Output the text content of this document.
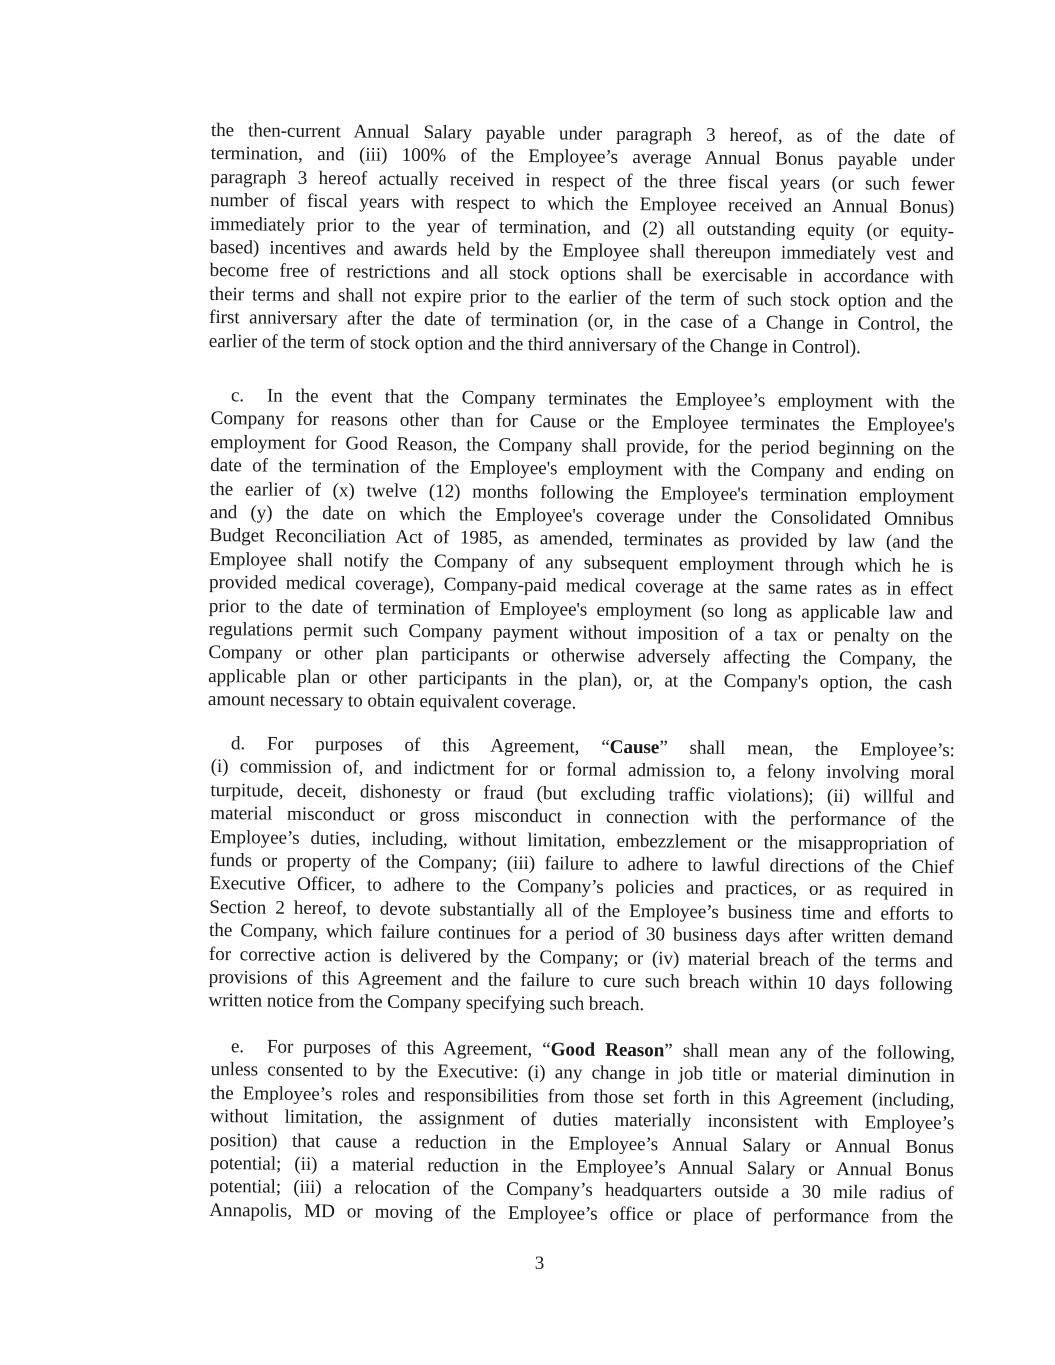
the then-current Annual Salary payable under paragraph 3 hereof, as of the date of
termination, and (iii) 100% of the Employee’s average Annual Bonus payable under
paragraph 3 hereof actually received in respect of the three fiscal years (or such fewer
number of fiscal years with respect to which the Employee received an Annual Bonus)
immediately prior to the year of termination, and (2) all outstanding equity (or equity-
based) incentives and awards held by the Employee shall thereupon immediately vest and
become free of restrictions and all stock options shall be exercisable in accordance with
their terms and shall not expire prior to the earlier of the term of such stock option and the
first anniversary after the date of termination (or, in the case of a Change in Control, the
earlier of the term of stock option and the third anniversary of the Change in Control).
c. In the event that the Company terminates the Employee’s employment with the
Company for reasons other than for Cause or the Employee terminates the Employee's
employment for Good Reason, the Company shall provide, for the period beginning on the
date of the termination of the Employee's employment with the Company and ending on
the earlier of (x) twelve (12) months following the Employee's termination employment
and (y) the date on which the Employee's coverage under the Consolidated Omnibus
Budget Reconciliation Act of 1985, as amended, terminates as provided by law (and the
Employee shall notify the Company of any subsequent employment through which he is
provided medical coverage), Company-paid medical coverage at the same rates as in effect
prior to the date of termination of Employee's employment (so long as applicable law and
regulations permit such Company payment without imposition of a tax or penalty on the
Company or other plan participants or otherwise adversely affecting the Company, the
applicable plan or other participants in the plan), or, at the Company's option, the cash
amount necessary to obtain equivalent coverage.
d. For purposes of this Agreement, “Cause” shall mean, the Employee’s:
(i) commission of, and indictment for or formal admission to, a felony involving moral
turpitude, deceit, dishonesty or fraud (but excluding traffic violations); (ii) willful and
material misconduct or gross misconduct in connection with the performance of the
Employee’s duties, including, without limitation, embezzlement or the misappropriation of
funds or property of the Company; (iii) failure to adhere to lawful directions of the Chief
Executive Officer, to adhere to the Company’s policies and practices, or as required in
Section 2 hereof, to devote substantially all of the Employee’s business time and efforts to
the Company, which failure continues for a period of 30 business days after written demand
for corrective action is delivered by the Company; or (iv) material breach of the terms and
provisions of this Agreement and the failure to cure such breach within 10 days following
written notice from the Company specifying such breach.
e. For purposes of this Agreement, “Good Reason” shall mean any of the following,
unless consented to by the Executive: (i) any change in job title or material diminution in
the Employee’s roles and responsibilities from those set forth in this Agreement (including,
without limitation, the assignment of duties materially inconsistent with Employee’s
position) that cause a reduction in the Employee’s Annual Salary or Annual Bonus
potential; (ii) a material reduction in the Employee’s Annual Salary or Annual Bonus
potential; (iii) a relocation of the Company’s headquarters outside a 30 mile radius of
Annapolis, MD or moving of the Employee’s office or place of performance from the
3
